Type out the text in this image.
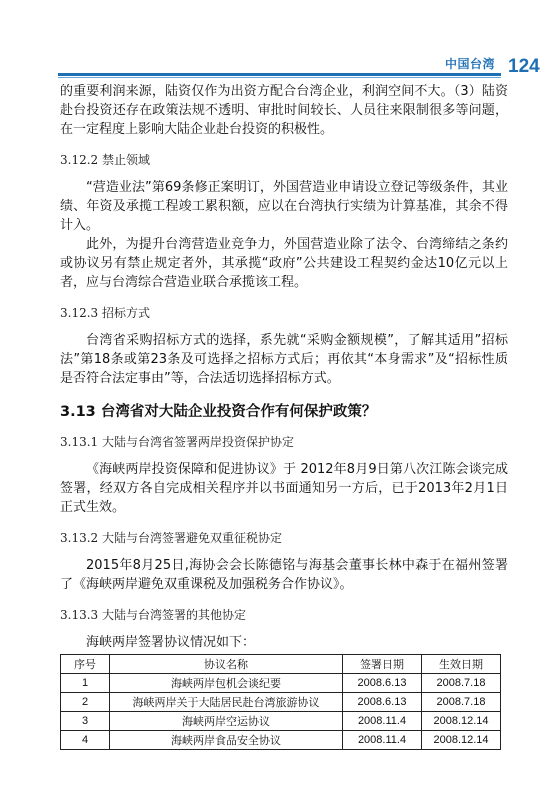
中国台湾 124

的重要利润来源，陆资仅作为出资方配合台湾企业，利润空间不大。（3）陆资赴台投资还存在政策法规不透明、审批时间较长、人员往来限制很多等问题，在一定程度上影响大陆企业赴台投资的积极性。

3.12.2 禁止领域

“营造业法”第69条修正案明订，外国营造业申请设立登记等级条件，其业绩、年资及承揽工程竣工累积额，应以在台湾执行实绩为计算基准，其余不得计入。

此外，为提升台湾营造业竞争力，外国营造业除了法令、台湾缔结之条约或协议另有禁止规定者外，其承揽“政府”公共建设工程契约金达10亿元以上者，应与台湾综合营造业联合承揽该工程。

3.12.3 招标方式

台湾省采购招标方式的选择，系先就“采购金额规模”，了解其适用”招标法”第18条或第23条及可选择之招标方式后；再依其“本身需求”及“招标性质是否符合法定事由”等，合法适切选择招标方式。

3.13 台湾省对大陆企业投资合作有何保护政策？
3.13.1 大陆与台湾省签署两岸投资保护协定

《海峡两岸投资保障和促进协议》于 2012年8月9日第八次江陈会谈完成签署，经双方各自完成相关程序并以书面通知另一方后，已于2013年2月1日正式生效。

3.13.2 大陆与台湾签署避免双重征税协定

2015年8月25日,海协会会长陈德铭与海基会董事长林中森于在福州签署了《海峡两岸避免双重课税及加强税务合作协议》。

3.13.3 大陆与台湾签署的其他协定

海峡两岸签署协议情况如下：

序号	协议名称	签署日期	生效日期
1	海峡两岸包机会谈纪要	2008.6.13	2008.7.18
2	海峡两岸关于大陆居民赴台湾旅游协议	2008.6.13	2008.7.18
3	海峡两岸空运协议	2008.11.4	2008.12.14
4	海峡两岸食品安全协议	2008.11.4	2008.12.14
